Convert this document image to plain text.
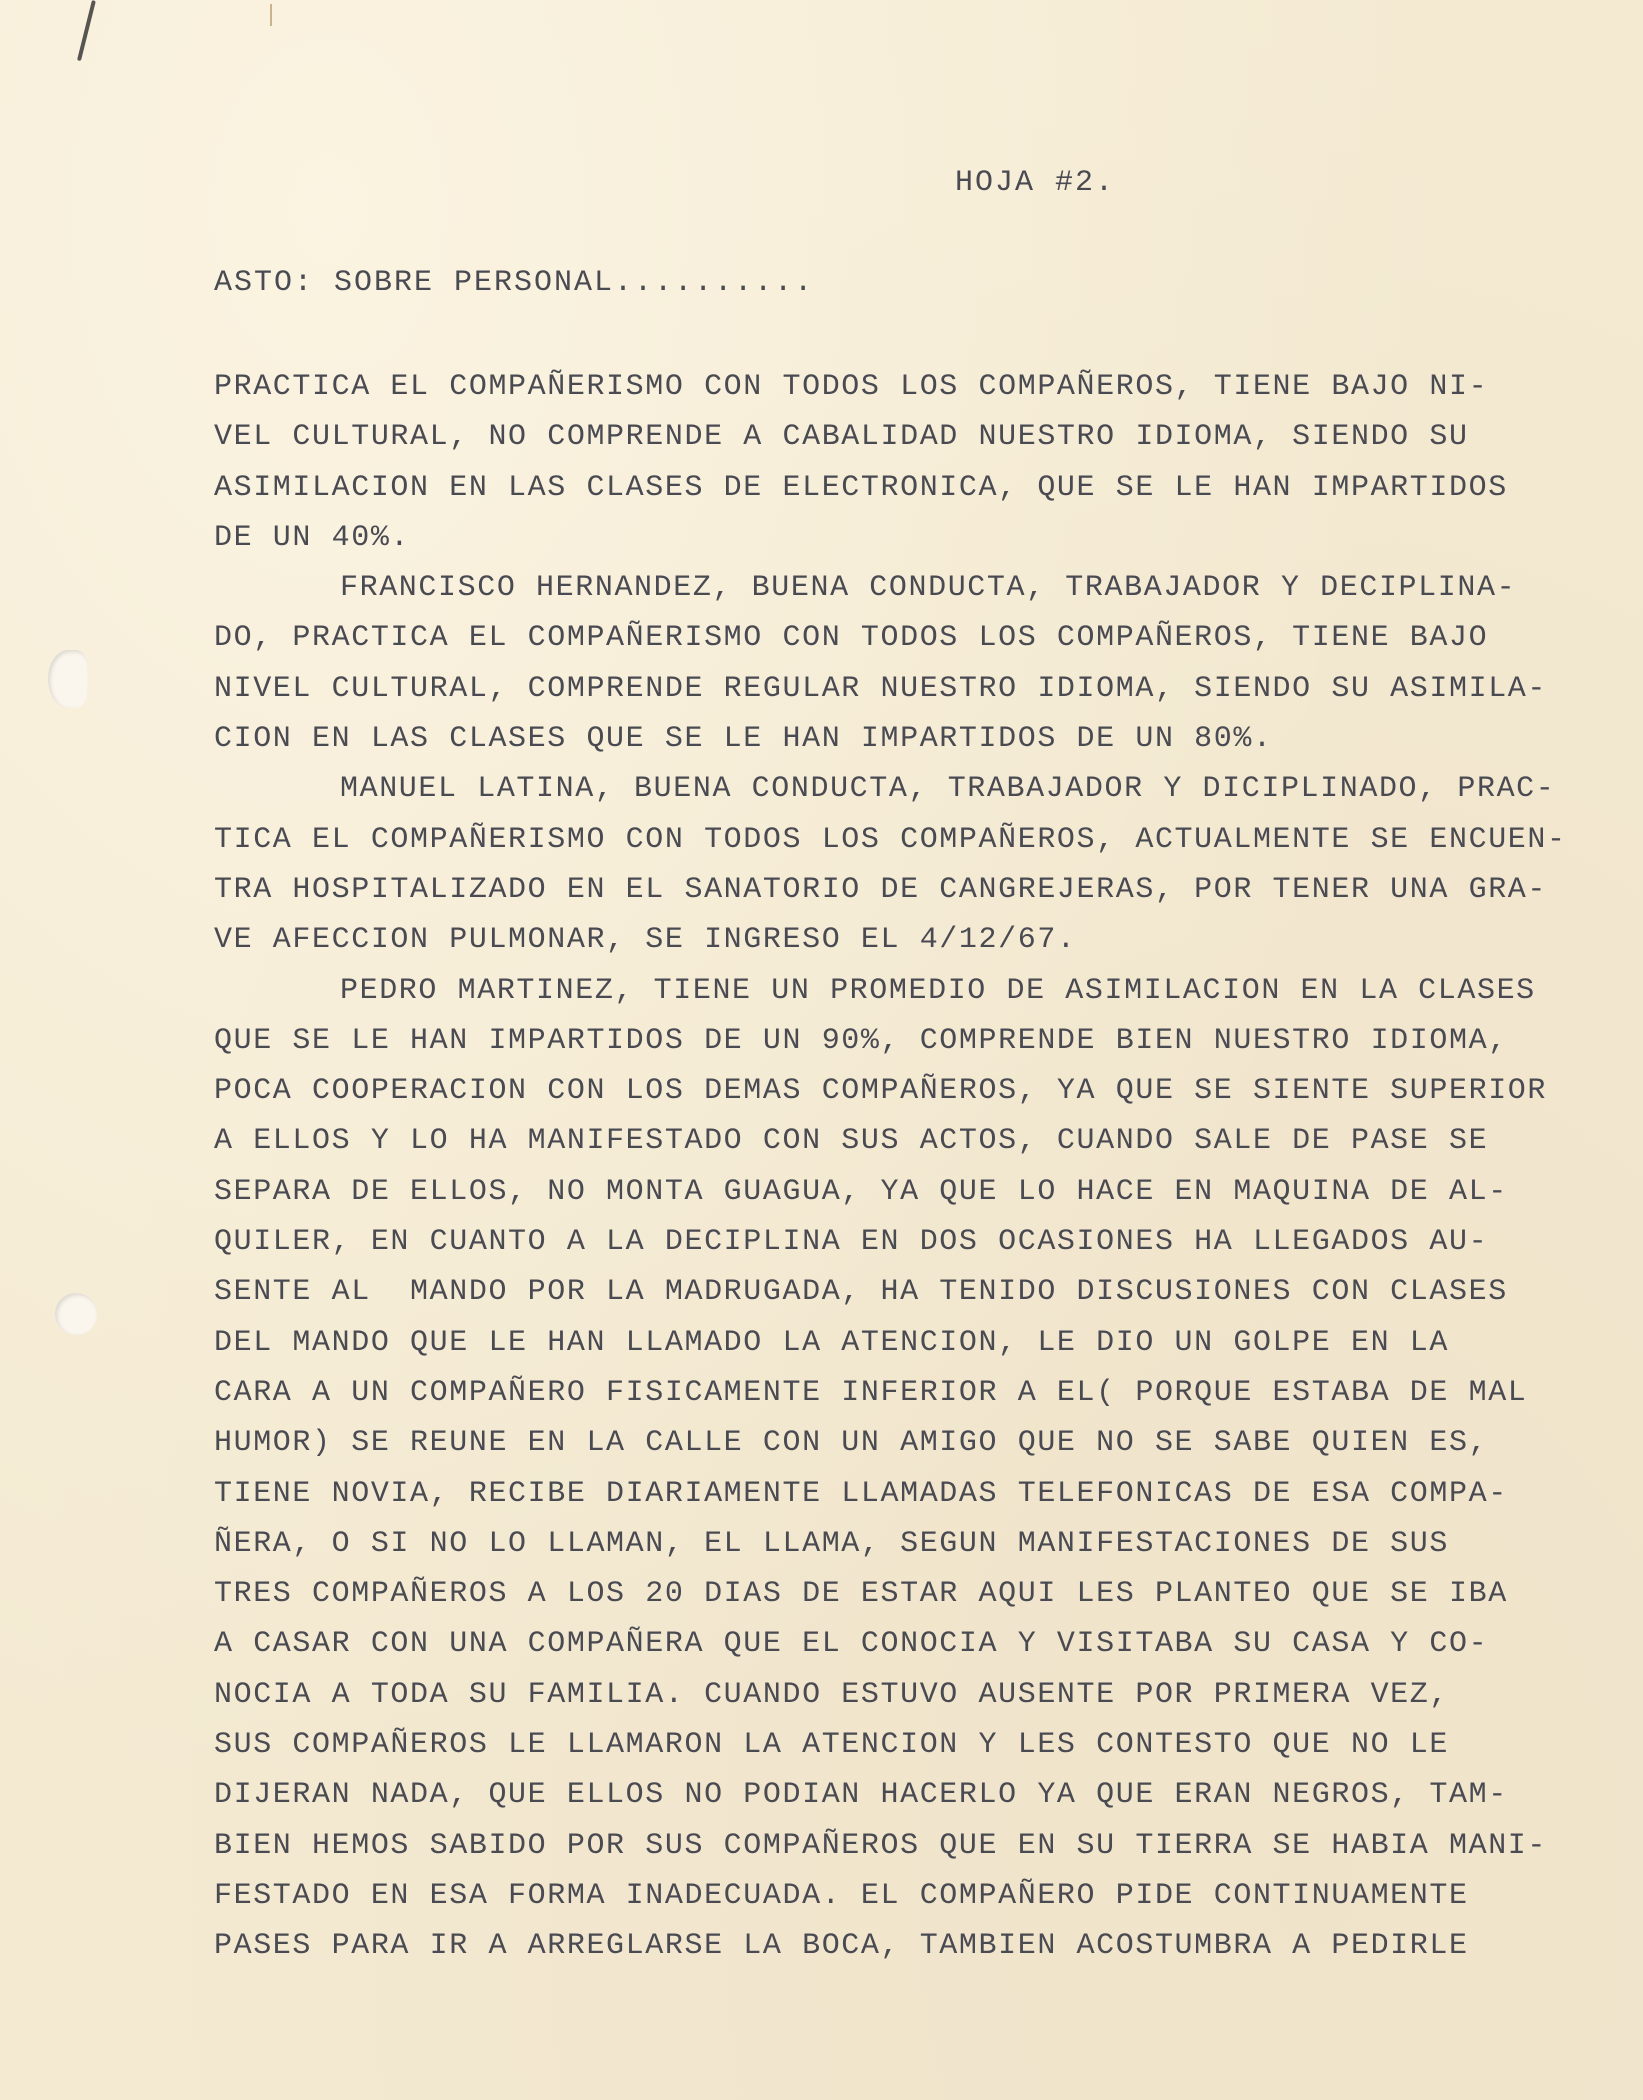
HOJA #2.
ASTO: SOBRE PERSONAL..........
PRACTICA EL COMPAÑERISMO CON TODOS LOS COMPAÑEROS, TIENE BAJO NI-
VEL CULTURAL, NO COMPRENDE A CABALIDAD NUESTRO IDIOMA, SIENDO SU
ASIMILACION EN LAS CLASES DE ELECTRONICA, QUE SE LE HAN IMPARTIDOS
DE UN 40%.
FRANCISCO HERNANDEZ, BUENA CONDUCTA, TRABAJADOR Y DECIPLINA-
DO, PRACTICA EL COMPAÑERISMO CON TODOS LOS COMPAÑEROS, TIENE BAJO
NIVEL CULTURAL, COMPRENDE REGULAR NUESTRO IDIOMA, SIENDO SU ASIMILA-
CION EN LAS CLASES QUE SE LE HAN IMPARTIDOS DE UN 80%.
MANUEL LATINA, BUENA CONDUCTA, TRABAJADOR Y DICIPLINADO, PRAC-
TICA EL COMPAÑERISMO CON TODOS LOS COMPAÑEROS, ACTUALMENTE SE ENCUEN-
TRA HOSPITALIZADO EN EL SANATORIO DE CANGREJERAS, POR TENER UNA GRA-
VE AFECCION PULMONAR, SE INGRESO EL 4/12/67.
PEDRO MARTINEZ, TIENE UN PROMEDIO DE ASIMILACION EN LA CLASES
QUE SE LE HAN IMPARTIDOS DE UN 90%, COMPRENDE BIEN NUESTRO IDIOMA,
POCA COOPERACION CON LOS DEMAS COMPAÑEROS, YA QUE SE SIENTE SUPERIOR
A ELLOS Y LO HA MANIFESTADO CON SUS ACTOS, CUANDO SALE DE PASE SE
SEPARA DE ELLOS, NO MONTA GUAGUA, YA QUE LO HACE EN MAQUINA DE AL-
QUILER, EN CUANTO A LA DECIPLINA EN DOS OCASIONES HA LLEGADOS AU-
SENTE AL  MANDO POR LA MADRUGADA, HA TENIDO DISCUSIONES CON CLASES
DEL MANDO QUE LE HAN LLAMADO LA ATENCION, LE DIO UN GOLPE EN LA
CARA A UN COMPAÑERO FISICAMENTE INFERIOR A EL( PORQUE ESTABA DE MAL
HUMOR) SE REUNE EN LA CALLE CON UN AMIGO QUE NO SE SABE QUIEN ES,
TIENE NOVIA, RECIBE DIARIAMENTE LLAMADAS TELEFONICAS DE ESA COMPA-
ÑERA, O SI NO LO LLAMAN, EL LLAMA, SEGUN MANIFESTACIONES DE SUS
TRES COMPAÑEROS A LOS 20 DIAS DE ESTAR AQUI LES PLANTEO QUE SE IBA
A CASAR CON UNA COMPAÑERA QUE EL CONOCIA Y VISITABA SU CASA Y CO-
NOCIA A TODA SU FAMILIA. CUANDO ESTUVO AUSENTE POR PRIMERA VEZ,
SUS COMPAÑEROS LE LLAMARON LA ATENCION Y LES CONTESTO QUE NO LE
DIJERAN NADA, QUE ELLOS NO PODIAN HACERLO YA QUE ERAN NEGROS, TAM-
BIEN HEMOS SABIDO POR SUS COMPAÑEROS QUE EN SU TIERRA SE HABIA MANI-
FESTADO EN ESA FORMA INADECUADA. EL COMPAÑERO PIDE CONTINUAMENTE
PASES PARA IR A ARREGLARSE LA BOCA, TAMBIEN ACOSTUMBRA A PEDIRLE
